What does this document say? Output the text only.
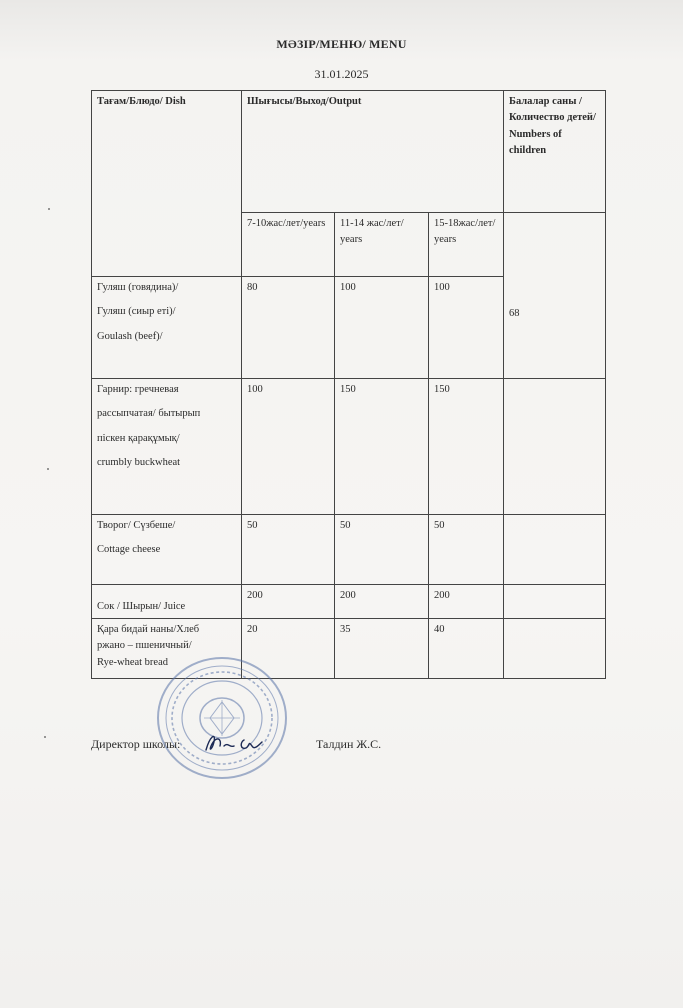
МӘЗІР/МЕНЮ/ MENU
31.01.2025
Тағам/Блюдо/ Dish	Шығысы/Выход/Output			Балалар саны /Количество детей/ Numbers of children
	7-10жас/лет/years	11-14 жас/лет/ years	15-18жас/лет/ years	68

Гуляш (говядина)/
Гуляш (сиыр еті)/
Goulash (beef)/	80	100	100	

Гарнир: гречневая
рассыпчатая/ бытырып
піскен қарақұмық/
crumbly buckwheat	100	150	150	

Творог/ Сүзбеше/
Cottage cheese	50	50	50	

Сок / Шырын/ Juice	200	200	200	

Қара бидай наны/Хлеб
ржано – пшеничный/
Rye-wheat bread	20	35	40	
Директор школы:	Талдин Ж.С.
